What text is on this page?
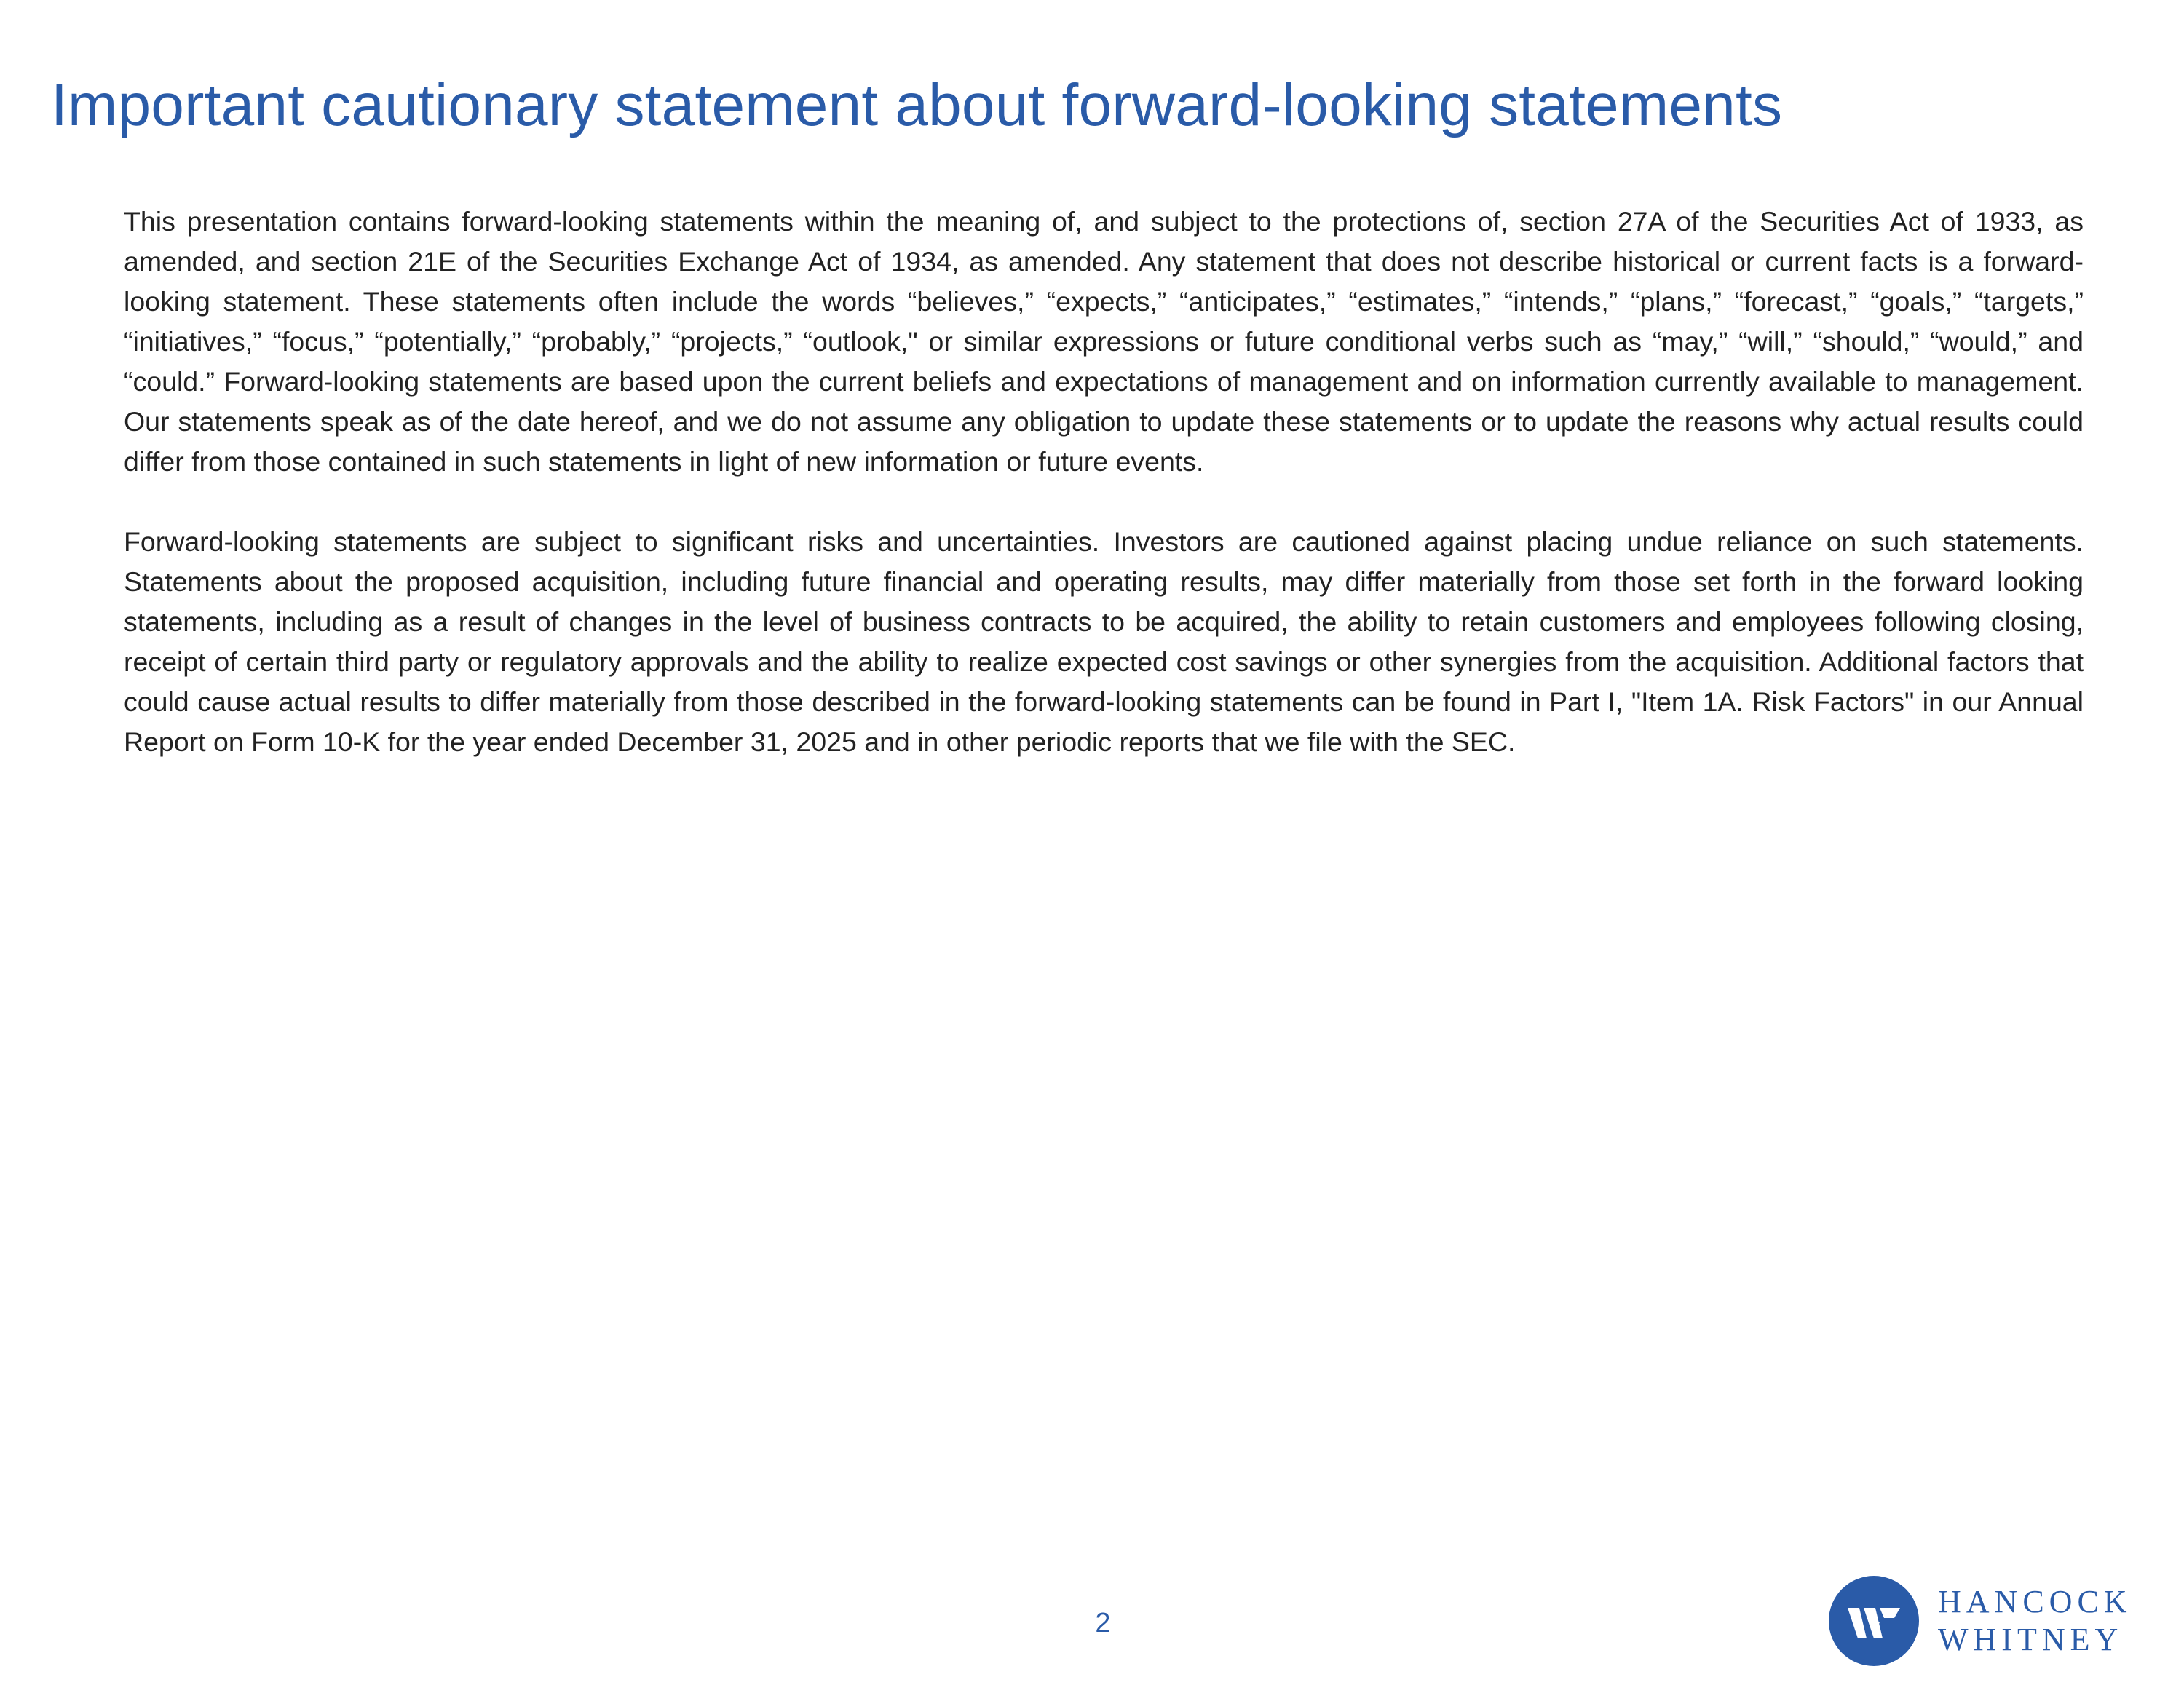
Important cautionary statement about forward-looking statements

This presentation contains forward-looking statements within the meaning of, and subject to the protections of, section 27A of the Securities Act of 1933, as amended, and section 21E of the Securities Exchange Act of 1934, as amended. Any statement that does not describe historical or current facts is a forward-looking statement. These statements often include the words “believes,” “expects,” “anticipates,” “estimates,” “intends,” “plans,” “forecast,” “goals,” “targets,” “initiatives,” “focus,” “potentially,” “probably,” “projects,” “outlook," or similar expressions or future conditional verbs such as “may,” “will,” “should,” “would,” and “could.” Forward-looking statements are based upon the current beliefs and expectations of management and on information currently available to management. Our statements speak as of the date hereof, and we do not assume any obligation to update these statements or to update the reasons why actual results could differ from those contained in such statements in light of new information or future events.

Forward-looking statements are subject to significant risks and uncertainties. Investors are cautioned against placing undue reliance on such statements. Statements about the proposed acquisition, including future financial and operating results, may differ materially from those set forth in the forward looking statements, including as a result of changes in the level of business contracts to be acquired, the ability to retain customers and employees following closing, receipt of certain third party or regulatory approvals and the ability to realize expected cost savings or other synergies from the acquisition. Additional factors that could cause actual results to differ materially from those described in the forward-looking statements can be found in Part I, "Item 1A. Risk Factors" in our Annual Report on Form 10-K for the year ended December 31, 2025 and in other periodic reports that we file with the SEC.

2
HANCOCK
WHITNEY
